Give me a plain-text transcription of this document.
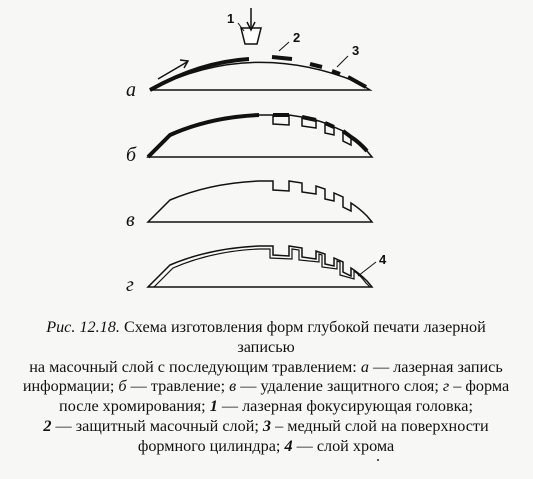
1
2
3
а
б
в
4
г
Рис. 12.18. Схема изготовления форм глубокой печати лазерной записью
на масочный слой с последующим травлением: а — лазерная запись
информации; б — травление; в — удаление защитного слоя; г – форма
после хромирования; 1 — лазерная фокусирующая головка;
2 — защитный масочный слой; 3 – медный слой на поверхности
формного цилиндра; 4 — слой хрома
